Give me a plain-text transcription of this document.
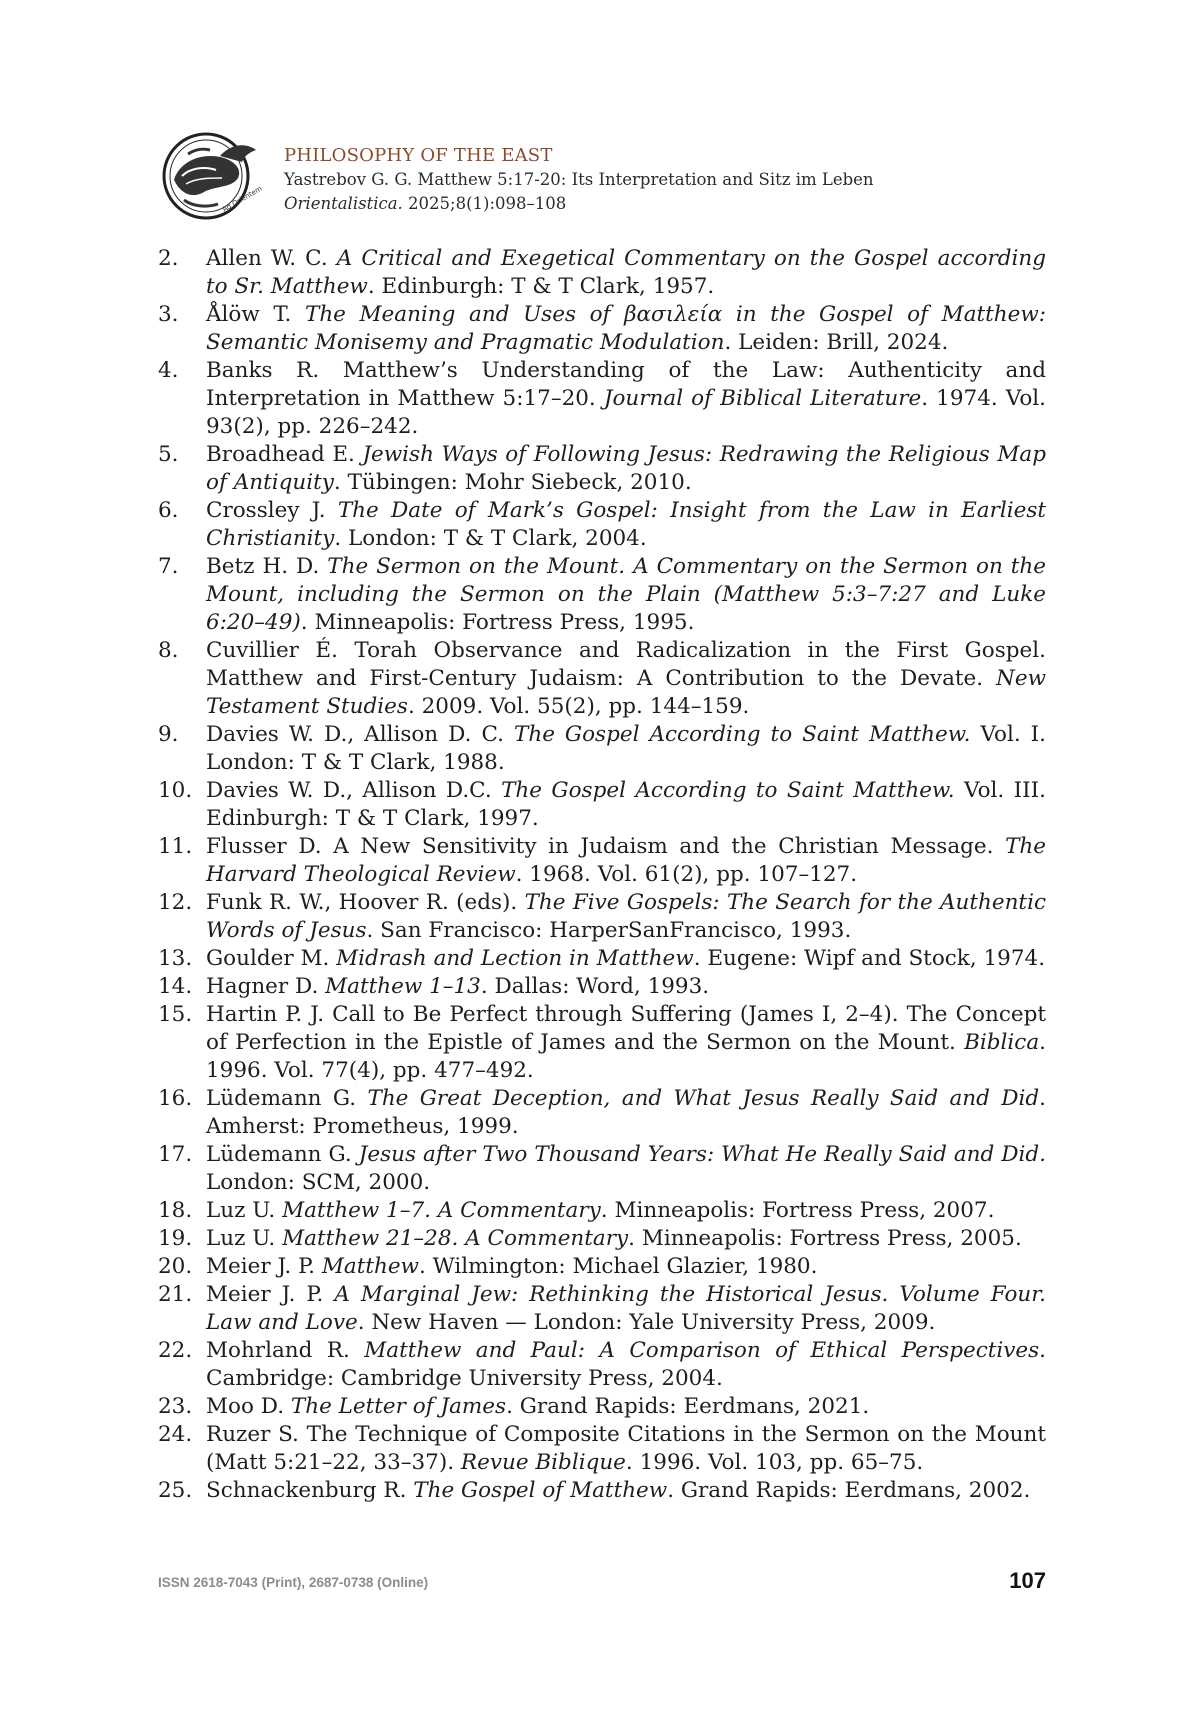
Ad Orientem
PHILOSOPHY OF THE EAST
Yastrebov G. G. Matthew 5:17-20: Its Interpretation and Sitz im Leben
Orientalistica. 2025;8(1):098–108
2.	Allen W. C. A Critical and Exegetical Commentary on the Gospel according to Sr. Matthew. Edinburgh: T & T Clark, 1957.
3.	Ålöw T. The Meaning and Uses of βασιλεία in the Gospel of Matthew: Semantic Monisemy and Pragmatic Modulation. Leiden: Brill, 2024.
4.	Banks R. Matthew’s Understanding of the Law: Authenticity and Interpretation in Matthew 5:17–20. Journal of Biblical Literature. 1974. Vol. 93(2), pp. 226–242.
5.	Broadhead E. Jewish Ways of Following Jesus: Redrawing the Religious Map of Antiquity. Tübingen: Mohr Siebeck, 2010.
6.	Crossley J. The Date of Mark’s Gospel: Insight from the Law in Earliest Christianity. London: T & T Clark, 2004.
7.	Betz H. D. The Sermon on the Mount. A Commentary on the Sermon on the Mount, including the Sermon on the Plain (Matthew 5:3–7:27 and Luke 6:20–49). Minneapolis: Fortress Press, 1995.
8.	Cuvillier É. Torah Observance and Radicalization in the First Gospel. Matthew and First-Century Judaism: A Contribution to the Devate. New Testament Studies. 2009. Vol. 55(2), pp. 144–159.
9.	Davies W. D., Allison D. C. The Gospel According to Saint Matthew. Vol. I. London: T & T Clark, 1988.
10. Davies W. D., Allison D.C. The Gospel According to Saint Matthew. Vol. III. Edinburgh: T & T Clark, 1997.
11. Flusser D. A New Sensitivity in Judaism and the Christian Message. The Harvard Theological Review. 1968. Vol. 61(2), pp. 107–127.
12. Funk R. W., Hoover R. (eds). The Five Gospels: The Search for the Authentic Words of Jesus. San Francisco: HarperSanFrancisco, 1993.
13. Goulder M. Midrash and Lection in Matthew. Eugene: Wipf and Stock, 1974.
14. Hagner D. Matthew 1–13. Dallas: Word, 1993.
15. Hartin P. J. Call to Be Perfect through Suffering (James I, 2–4). The Concept of Perfection in the Epistle of James and the Sermon on the Mount. Biblica. 1996. Vol. 77(4), pp. 477–492.
16. Lüdemann G. The Great Deception, and What Jesus Really Said and Did. Amherst: Prometheus, 1999.
17. Lüdemann G. Jesus after Two Thousand Years: What He Really Said and Did. London: SCM, 2000.
18. Luz U. Matthew 1–7. A Commentary. Minneapolis: Fortress Press, 2007.
19. Luz U. Matthew 21–28. A Commentary. Minneapolis: Fortress Press, 2005.
20. Meier J. P. Matthew. Wilmington: Michael Glazier, 1980.
21. Meier J. P. A Marginal Jew: Rethinking the Historical Jesus. Volume Four. Law and Love. New Haven — London: Yale University Press, 2009.
22. Mohrland R. Matthew and Paul: A Comparison of Ethical Perspectives. Cambridge: Cambridge University Press, 2004.
23. Moo D. The Letter of James. Grand Rapids: Eerdmans, 2021.
24. Ruzer S. The Technique of Composite Citations in the Sermon on the Mount (Matt 5:21–22, 33–37). Revue Biblique. 1996. Vol. 103, pp. 65–75.
25. Schnackenburg R. The Gospel of Matthew. Grand Rapids: Eerdmans, 2002.
ISSN 2618-7043 (Print), 2687-0738 (Online)	107
